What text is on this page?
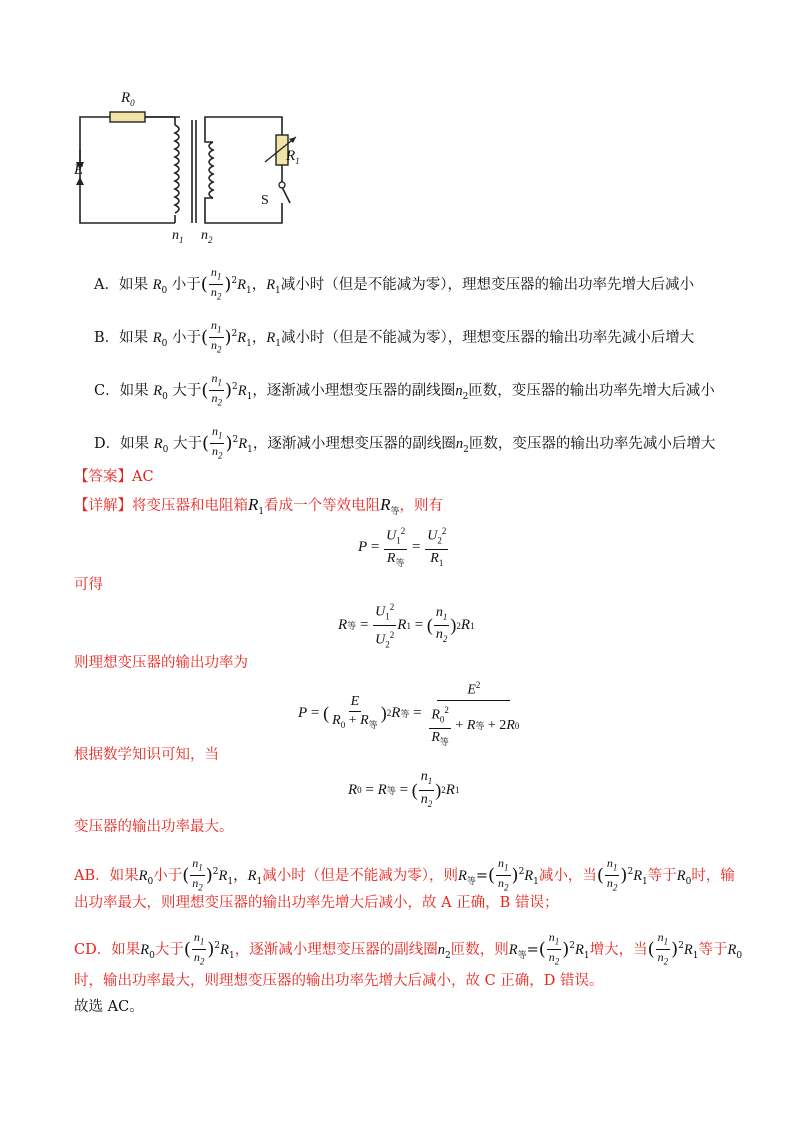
$R_0$
$R_1$
E
S
$n_1$ $n_2$
A．如果 $R_0$ 小于( $\frac{n_1}{n_2} )^2R_1$，$R_1$减小时（但是不能减为零），理想变压器的输出功率先增大后减小
B．如果 $R_0$ 小于( $\frac{n_1}{n_2} )^2R_1$，$R_1$减小时（但是不能减为零），理想变压器的输出功率先减小后增大
C．如果 $R_0$ 大于( $\frac{n_1}{n_2} )^2R_1$，逐渐减小理想变压器的副线圈$n_2$匝数，变压器的输出功率先增大后减小
D．如果 $R_0$ 大于( $\frac{n_1}{n_2} )^2R_1$，逐渐减小理想变压器的副线圈$n_2$匝数，变压器的输出功率先减小后增大
【答案】AC
【详解】将变压器和电阻箱$R_1$看成一个等效电阻$R_等$，则有
$P = \frac{U_1^2}{R_等} = \frac{U_2^2}{R_1}$
可得
R 等 = $\frac{U_1^2}{U_2^2}$ R 1 = ( $\frac{n_1}{n_2}$ ) 2 R 1
则理想变压器的输出功率为
P = ( $\frac{E}{R_0 + R_等}$ ) 2 R 等 = $\frac{E^2}{\frac{R_0^2}{R_等} + R 等 + 2 R 0}$
根据数学知识可知，当
R 0 = R 等 = ( $\frac{n_1}{n_2}$ ) 2 R 1
变压器的输出功率最大。
AB．如果$R_0$小于( $\frac{n_1}{n_2} )^2R_1$，$R_1$减小时（但是不能减为零），则$R_等=( \frac{n_1}{n_2} )^2R_1$减小，当( $\frac{n_1}{n_2} )^2R_1$等于$R_0$时，输
出功率最大，则理想变压器的输出功率先增大后减小，故 A 正确，B 错误；
CD．如果$R_0$大于( $\frac{n_1}{n_2} )^2R_1$，逐渐减小理想变压器的副线圈$n_2$匝数，则$R_等=( \frac{n_1}{n_2} )^2R_1$增大，当( $\frac{n_1}{n_2} )^2R_1$等于$R_0$
时，输出功率最大，则理想变压器的输出功率先增大后减小，故 C 正确，D 错误。
故选 AC。
